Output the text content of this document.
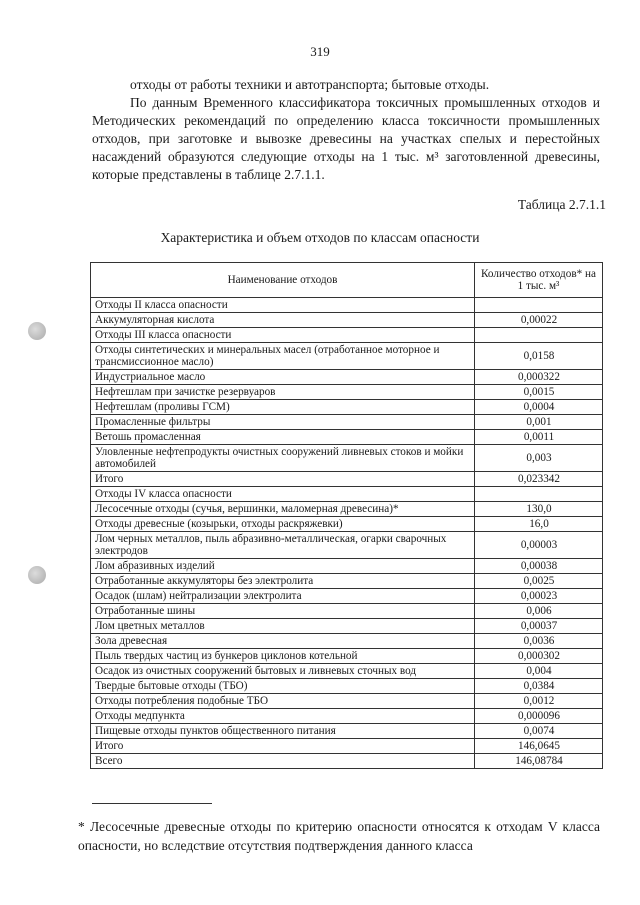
319
отходы от работы техники и автотранспорта; бытовые отходы.
По данным Временного классификатора токсичных промышленных отходов и Методических рекомендаций по определению класса токсичности промышленных отходов, при заготовке и вывозке древесины на участках спелых и перестойных насаждений образуются следующие отходы на 1 тыс. м³ заготовленной древесины, которые представлены в таблице 2.7.1.1.
Таблица 2.7.1.1
Характеристика и объем отходов по классам опасности
Наименование отходов	Количество отходов* на 1 тыс. м³
Отходы II класса опасности	
Аккумуляторная кислота	0,00022
Отходы III класса опасности	
Отходы синтетических и минеральных масел (отработанное моторное и трансмиссионное масло)	0,0158
Индустриальное масло	0,000322
Нефтешлам при зачистке резервуаров	0,0015
Нефтешлам (проливы ГСМ)	0,0004
Промасленные фильтры	0,001
Ветошь промасленная	0,0011
Уловленные нефтепродукты очистных сооружений ливневых стоков и мойки автомобилей	0,003
Итого	0,023342
Отходы IV класса опасности	
Лесосечные отходы (сучья, вершинки, маломерная древесина)*	130,0
Отходы древесные (козырьки, отходы раскряжевки)	16,0
Лом черных металлов, пыль абразивно-металлическая, огарки сварочных электродов	0,00003
Лом абразивных изделий	0,00038
Отработанные аккумуляторы без электролита	0,0025
Осадок (шлам) нейтрализации электролита	0,00023
Отработанные шины	0,006
Лом цветных металлов	0,00037
Зола древесная	0,0036
Пыль твердых частиц из бункеров циклонов котельной	0,000302
Осадок из очистных сооружений бытовых и ливневых сточных вод	0,004
Твердые бытовые отходы (ТБО)	0,0384
Отходы потребления подобные ТБО	0,0012
Отходы медпункта	0,000096
Пищевые отходы пунктов общественного питания	0,0074
Итого	146,0645
Всего	146,08784
* Лесосечные древесные отходы по критерию опасности относятся к отходам V класса опасности, но вследствие отсутствия подтверждения данного класса
